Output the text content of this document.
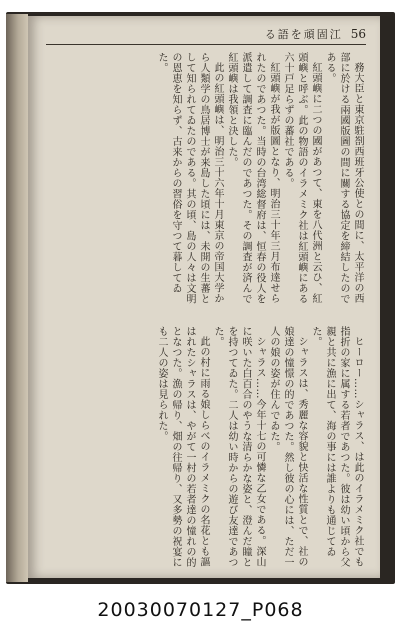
る語を頑固江 56

務大臣と東京駐剳西班牙公使との間に、太平洋の西部に於ける兩國版圖の間に關する協定を締結したのである。

紅頭嶼に二つの國があつて、東を八代洲と云ひ、紅頭嶼と呼ぶ。此の物語のイラメミク社は紅頭嶼にある六十戸足らずの蕃社である。

紅頭嶼が我が版圖となり、明治三十年三月布達せられたのであつた。当時の台湾総督府は、恒春の役人を派遣して調査に臨んだのであつた。その調査が済んで紅頭嶼は我領と決した。

此の紅頭嶼は、明治三十六年十月東京の帝国大学から人類学の鳥居博士が来島した頃には、未開の生蕃として知られてゐたのである。其の頃、島の人々は文明の恩恵を知らず、古来からの習俗を守つて暮してゐた。

ヒーロー……シャラス、は此のイラメミク社でも指折の家に属する若者であつた。彼は幼い頃から父親と共に漁に出て、海の事には誰よりも通じてゐた。

シャラスは、秀麗な容貌と快活な性質とで、社の娘達の憧憬の的であつた。然し彼の心には、ただ一人の娘の姿が住んでゐた。

シャラス……今年十七の可憐な乙女である。深山に咲いた白百合のやうな清らかな姿と、澄んだ瞳とを持つてゐた。二人は幼い時からの遊び友達であつた。

此の村に雨る娘しらべのイラメミクの名花とも謳はれたシャラスは、やがて一村の若者達の憧れの的となつた。漁の帰り、畑の往帰り、又多勢の祝宴にも二人の姿は見られた。

20030070127_P068
